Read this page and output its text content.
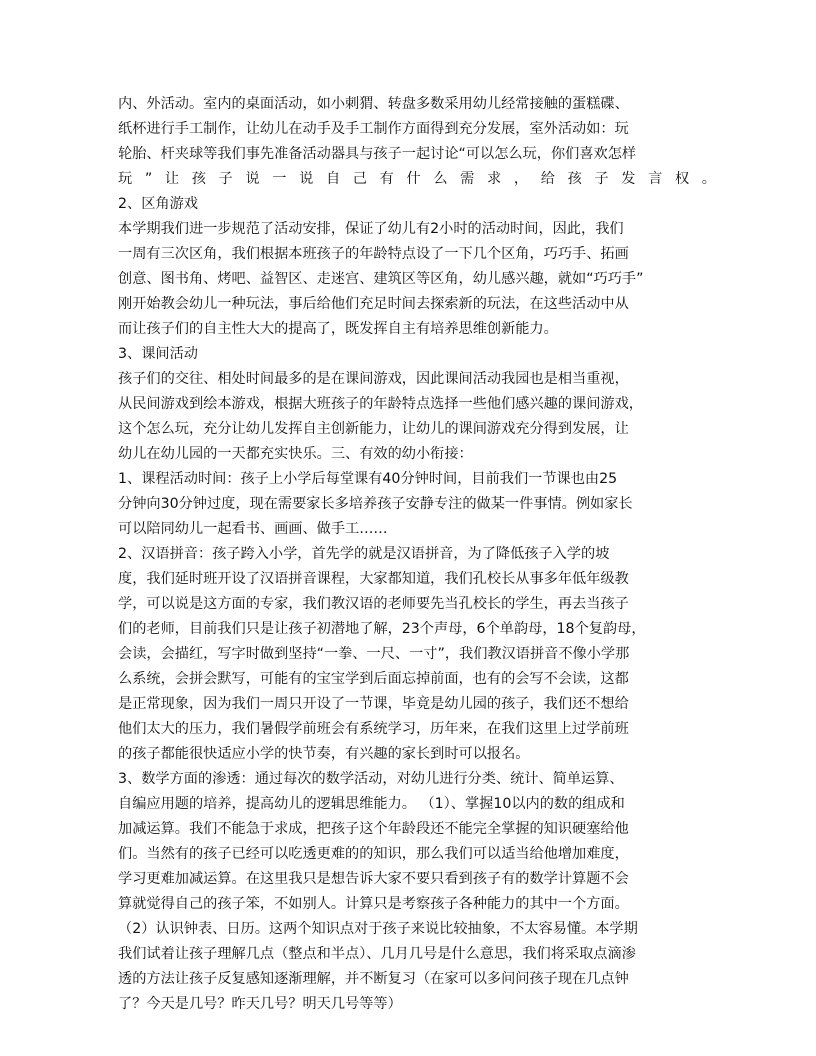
内、外活动。室内的桌面活动，如小刺猬、转盘多数采用幼儿经常接触的蛋糕碟、
纸杯进行手工制作，让幼儿在动手及手工制作方面得到充分发展，室外活动如：玩
轮胎、杆夹球等我们事先准备活动器具与孩子一起讨论“可以怎么玩，你们喜欢怎样
玩”让孩子说一说自己有什么需求，给孩子发言权。
2、区角游戏
本学期我们进一步规范了活动安排，保证了幼儿有2小时的活动时间，因此，我们
一周有三次区角，我们根据本班孩子的年龄特点设了一下几个区角，巧巧手、拓画
创意、图书角、烤吧、益智区、走迷宫、建筑区等区角，幼儿感兴趣，就如“巧巧手”
刚开始教会幼儿一种玩法，事后给他们充足时间去探索新的玩法，在这些活动中从
而让孩子们的自主性大大的提高了，既发挥自主有培养思维创新能力。
3、课间活动
孩子们的交往、相处时间最多的是在课间游戏，因此课间活动我园也是相当重视，
从民间游戏到绘本游戏，根据大班孩子的年龄特点选择一些他们感兴趣的课间游戏，
这个怎么玩，充分让幼儿发挥自主创新能力，让幼儿的课间游戏充分得到发展，让
幼儿在幼儿园的一天都充实快乐。三、有效的幼小衔接：
1、课程活动时间：孩子上小学后每堂课有40分钟时间，目前我们一节课也由25
分钟向30分钟过度，现在需要家长多培养孩子安静专注的做某一件事情。例如家长
可以陪同幼儿一起看书、画画、做手工……
2、汉语拼音：孩子跨入小学，首先学的就是汉语拼音，为了降低孩子入学的坡
度，我们延时班开设了汉语拼音课程，大家都知道，我们孔校长从事多年低年级教
学，可以说是这方面的专家，我们教汉语的老师要先当孔校长的学生，再去当孩子
们的老师，目前我们只是让孩子初潜地了解，23个声母，6个单韵母，18个复韵母，
会读，会描红，写字时做到坚持“一拳、一尺、一寸”，我们教汉语拼音不像小学那
么系统，会拼会默写，可能有的宝宝学到后面忘掉前面，也有的会写不会读，这都
是正常现象，因为我们一周只开设了一节课，毕竟是幼儿园的孩子，我们还不想给
他们太大的压力，我们暑假学前班会有系统学习，历年来，在我们这里上过学前班
的孩子都能很快适应小学的快节奏，有兴趣的家长到时可以报名。
3、数学方面的渗透：通过每次的数学活动，对幼儿进行分类、统计、简单运算、
自编应用题的培养，提高幼儿的逻辑思维能力。 （1）、掌握10以内的数的组成和
加减运算。我们不能急于求成，把孩子这个年龄段还不能完全掌握的知识硬塞给他
们。当然有的孩子已经可以吃透更难的的知识，那么我们可以适当给他增加难度，
学习更难加减运算。在这里我只是想告诉大家不要只看到孩子有的数学计算题不会
算就觉得自己的孩子笨，不如别人。计算只是考察孩子各种能力的其中一个方面。
（2）认识钟表、日历。这两个知识点对于孩子来说比较抽象，不太容易懂。本学期
我们试着让孩子理解几点（整点和半点）、几月几号是什么意思，我们将采取点滴渗
透的方法让孩子反复感知逐渐理解，并不断复习（在家可以多问问孩子现在几点钟
了？今天是几号？昨天几号？明天几号等等）
